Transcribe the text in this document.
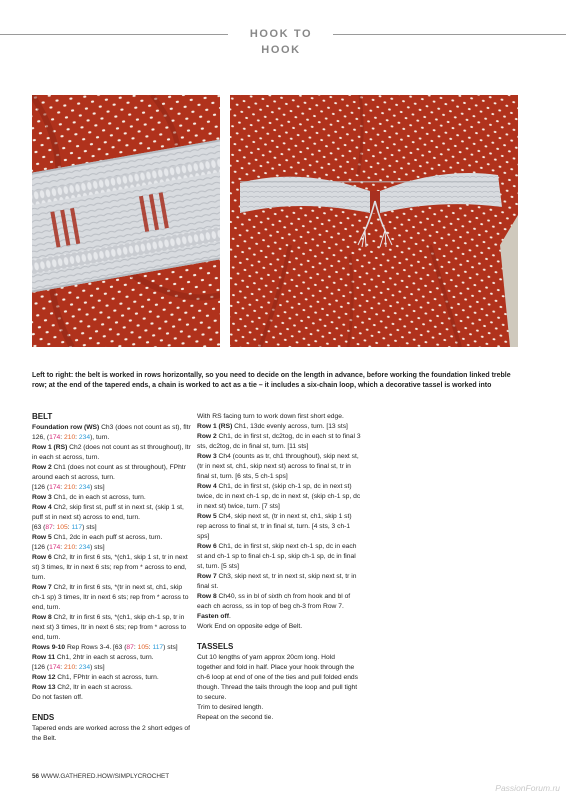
HOOK TO HOOK
Left to right: the belt is worked in rows horizontally, so you need to decide on the length in advance, before working the foundation linked treble row; at the end of the tapered ends, a chain is worked to act as a tie – it includes a six-chain loop, which a decorative tassel is worked into
BELT

Foundation row (WS) Ch3 (does not count as st), fltr 126, (174: 210: 234), turn.

Row 1 (RS) Ch2 (does not count as st throughout), ltr in each st across, turn.

Row 2 Ch1 (does not count as st throughout), FPhtr around each st across, turn.

[126 (174: 210: 234) sts]

Row 3 Ch1, dc in each st across, turn.

Row 4 Ch2, skip first st, puff st in next st, (skip 1 st, puff st in next st) across to end, turn.

[63 (87: 105: 117) sts]

Row 5 Ch1, 2dc in each puff st across, turn.

[126 (174: 210: 234) sts]

Row 6 Ch2, ltr in first 6 sts, *(ch1, skip 1 st, tr in next st) 3 times, ltr in next 6 sts; rep from * across to end, turn.

Row 7 Ch2, ltr in first 6 sts, *(tr in next st, ch1, skip ch-1 sp) 3 times, ltr in next 6 sts; rep from * across to end, turn.

Row 8 Ch2, ltr in first 6 sts, *(ch1, skip ch-1 sp, tr in next st) 3 times, ltr in next 6 sts; rep from * across to end, turn.

Rows 9-10 Rep Rows 3-4. [63 (87: 105: 117) sts]

Row 11 Ch1, 2htr in each st across, turn.

[126 (174: 210: 234) sts]

Row 12 Ch1, FPhtr in each st across, turn.

Row 13 Ch2, ltr in each st across.

Do not fasten off.

ENDS

Tapered ends are worked across the 2 short edges of the Belt.

With RS facing turn to work down first short edge.

Row 1 (RS) Ch1, 13dc evenly across, turn. [13 sts]

Row 2 Ch1, dc in first st, dc2tog, dc in each st to final 3 sts, dc2tog, dc in final st, turn. [11 sts]

Row 3 Ch4 (counts as tr, ch1 throughout), skip next st, (tr in next st, ch1, skip next st) across to final st, tr in final st, turn. [6 sts, 5 ch-1 sps]

Row 4 Ch1, dc in first st, (skip ch-1 sp, dc in next st) twice, dc in next ch-1 sp, dc in next st, (skip ch-1 sp, dc in next st) twice, turn. [7 sts]

Row 5 Ch4, skip next st, (tr in next st, ch1, skip 1 st) rep across to final st, tr in final st, turn. [4 sts, 3 ch-1 sps]

Row 6 Ch1, dc in first st, skip next ch-1 sp, dc in each st and ch-1 sp to final ch-1 sp, skip ch-1 sp, dc in final st, turn. [5 sts]

Row 7 Ch3, skip next st, tr in next st, skip next st, tr in final st.

Row 8 Ch40, ss in bl of sixth ch from hook and bl of each ch across, ss in top of beg ch-3 from Row 7.

Fasten off.

Work End on opposite edge of Belt.

TASSELS

Cut 10 lengths of yarn approx 20cm long. Hold together and fold in half. Place your hook through the ch-6 loop at end of one of the ties and pull folded ends though. Thread the tails through the loop and pull tight to secure.

Trim to desired length.

Repeat on the second tie.

56 WWW.GATHERED.HOW/SIMPLYCROCHET
PassionForum.ru
